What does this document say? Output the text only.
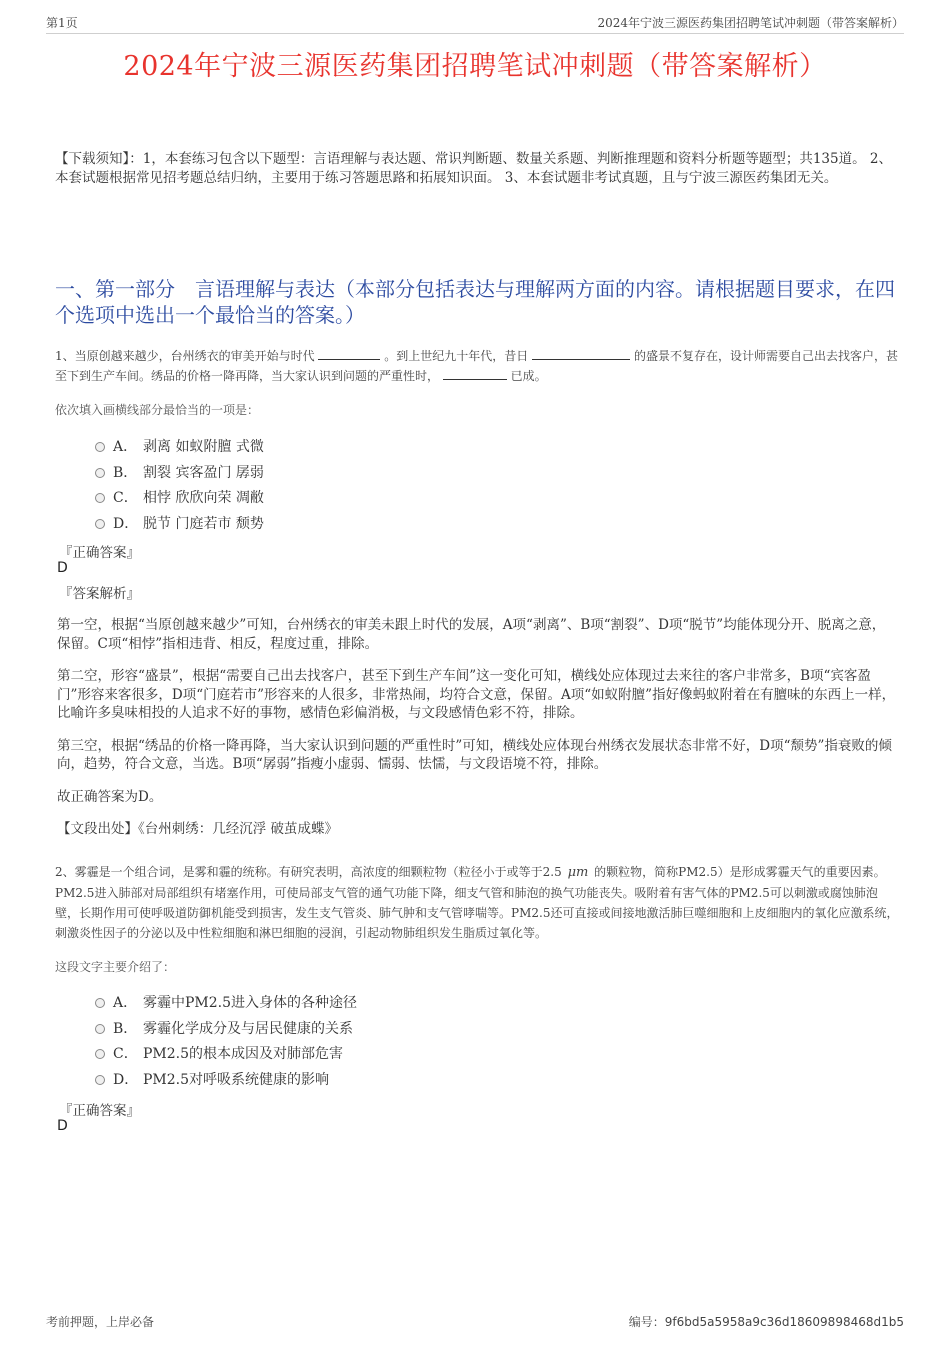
第1页	2024年宁波三源医药集团招聘笔试冲刺题（带答案解析）
2024年宁波三源医药集团招聘笔试冲刺题（带答案解析）
【下载须知】：1，本套练习包含以下题型：言语理解与表达题、常识判断题、数量关系题、判断推理题和资料分析题等题型；共135道。 2、本套试题根据常见招考题总结归纳，主要用于练习答题思路和拓展知识面。 3、本套试题非考试真题，且与宁波三源医药集团无关。
一、第一部分　言语理解与表达（本部分包括表达与理解两方面的内容。请根据题目要求，在四个选项中选出一个最恰当的答案。）
1、当原创越来越少，台州绣衣的审美开始与时代	。到上世纪九十年代，昔日	的盛景不复存在，设计师需要自己出去找客户，甚至下到生产车间。绣品的价格一降再降，当大家认识到问题的严重性时，	已成。
依次填入画横线部分最恰当的一项是：
A． 剥离 如蚁附膻 式微
B． 割裂 宾客盈门 孱弱
C． 相悖 欣欣向荣 凋敝
D． 脱节 门庭若市 颓势
『正确答案』
D
『答案解析』

第一空，根据“当原创越来越少”可知，台州绣衣的审美未跟上时代的发展，A项“剥离”、B项“割裂”、D项“脱节”均能体现分开、脱离之意，保留。C项“相悖”指相违背、相反，程度过重，排除。

第二空，形容“盛景”，根据“需要自己出去找客户，甚至下到生产车间”这一变化可知，横线处应体现过去来往的客户非常多，B项“宾客盈门”形容来客很多，D项“门庭若市”形容来的人很多，非常热闹，均符合文意，保留。A项“如蚁附膻”指好像蚂蚁附着在有膻味的东西上一样，比喻许多臭味相投的人追求不好的事物，感情色彩偏消极，与文段感情色彩不符，排除。

第三空，根据“绣品的价格一降再降，当大家认识到问题的严重性时”可知，横线处应体现台州绣衣发展状态非常不好，D项“颓势”指衰败的倾向，趋势，符合文意，当选。B项“孱弱”指瘦小虚弱、懦弱、怯懦，与文段语境不符，排除。

故正确答案为D。

【文段出处】《台州刺绣：几经沉浮 破茧成蝶》

2、雾霾是一个组合词，是雾和霾的统称。有研究表明，高浓度的细颗粒物（粒径小于或等于2.5 μm 的颗粒物，简称PM2.5）是形成雾霾天气的重要因素。PM2.5进入肺部对局部组织有堵塞作用，可使局部支气管的通气功能下降，细支气管和肺泡的换气功能丧失。吸附着有害气体的PM2.5可以刺激或腐蚀肺泡壁，长期作用可使呼吸道防御机能受到损害，发生支气管炎、肺气肿和支气管哮喘等。PM2.5还可直接或间接地激活肺巨噬细胞和上皮细胞内的氧化应激系统，刺激炎性因子的分泌以及中性粒细胞和淋巴细胞的浸润，引起动物肺组织发生脂质过氧化等。
这段文字主要介绍了：
A． 雾霾中PM2.5进入身体的各种途径
B． 雾霾化学成分及与居民健康的关系
C． PM2.5的根本成因及对肺部危害
D． PM2.5对呼吸系统健康的影响
『正确答案』
D
考前押题，上岸必备	编号：9f6bd5a5958a9c36d18609898468d1b5
